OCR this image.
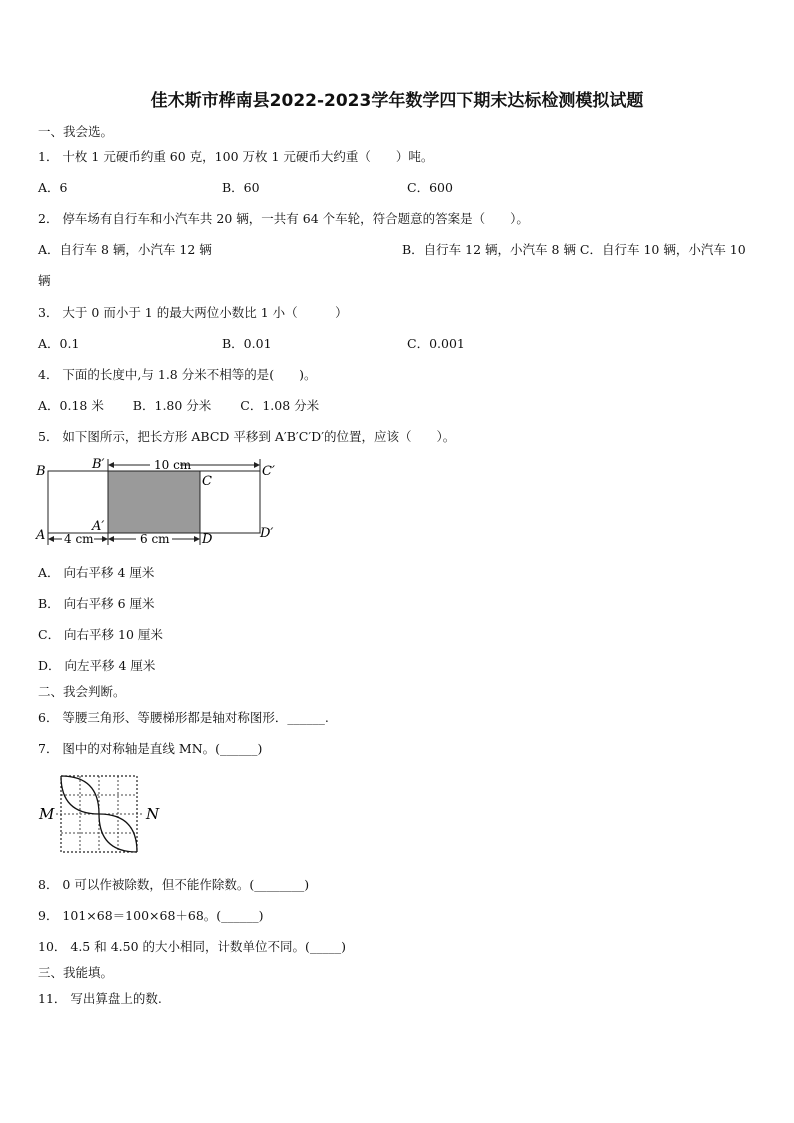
佳木斯市桦南县2022-2023学年数学四下期末达标检测模拟试题
一、我会选。
1． 十枚 1 元硬币约重 60 克，100 万枚 1 元硬币大约重（　　）吨。
A．6	B．60	C．600
2． 停车场有自行车和小汽车共 20 辆，一共有 64 个车轮，符合题意的答案是（　　）。
A．自行车 8 辆，小汽车 12 辆	B．自行车 12 辆，小汽车 8 辆 C．自行车 10 辆，小汽车 10
辆
3． 大于 0 而小于 1 的最大两位小数比 1 小（　　　）
A．0.1	B．0.01	C．0.001
4． 下面的长度中,与 1.8 分米不相等的是(　　)。
A．0.18 米　　 B．1.80 分米　　 C．1.08 分米
5． 如下图所示，把长方形 ABCD 平移到 A′B′C′D′的位置，应该（　　）。
10 cm
4 cm	6 cm
B	B′
C
C′
A
A′
D	D′
A． 向右平移 4 厘米
B． 向右平移 6 厘米
C． 向右平移 10 厘米
D． 向左平移 4 厘米
二、我会判断。
6． 等腰三角形、等腰梯形都是轴对称图形．______.
7． 图中的对称轴是直线 MN。(______)
M	N
8． 0 可以作被除数，但不能作除数。(________)
9． 101×68＝100×68＋68。(______)
10． 4.5 和 4.50 的大小相同，计数单位不同。(_____)
三、我能填。
11． 写出算盘上的数.
